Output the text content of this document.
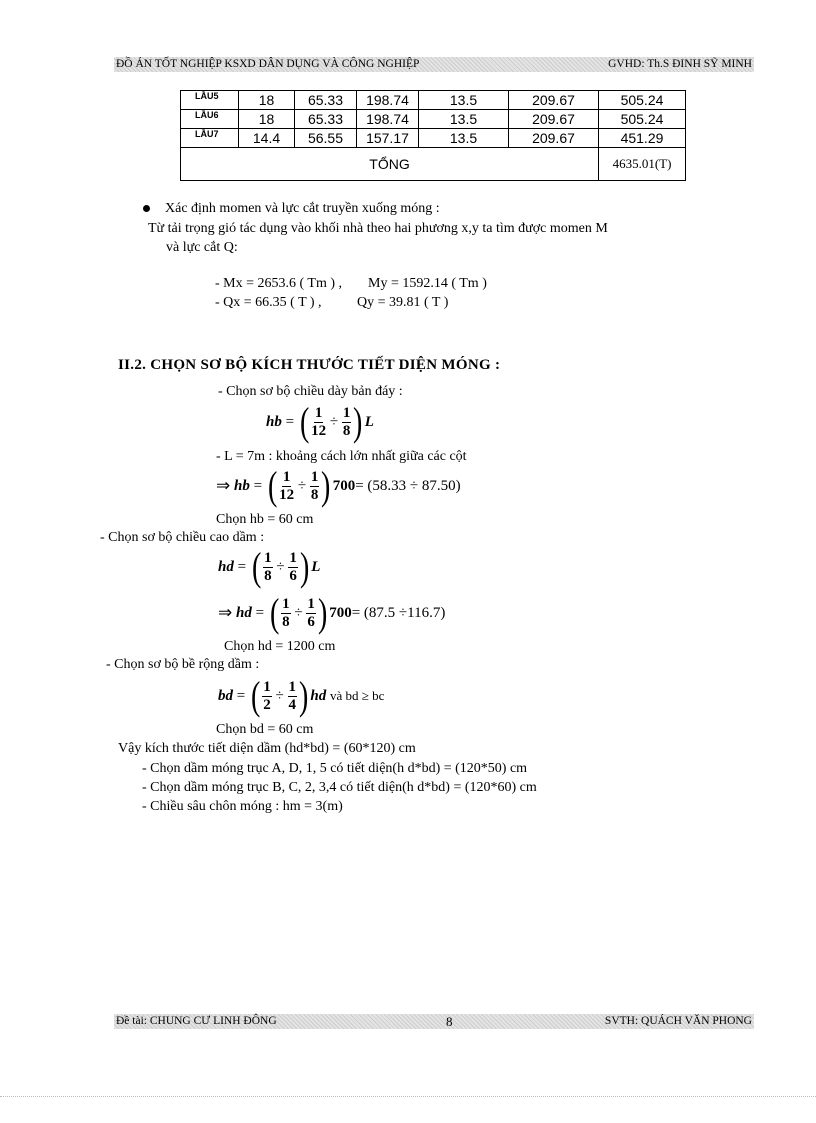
ĐỒ ÁN TỐT NGHIỆP KSXD DÂN DỤNG VÀ CÔNG NGHIỆP	GVHD: Th.S ĐINH SỸ MINH
LẦU5	18	65.33	198.74	13.5	209.67	505.24
LẦU6	18	65.33	198.74	13.5	209.67	505.24
LẦU7	14.4	56.55	157.17	13.5	209.67	451.29
TỔNG						4635.01(T)
Xác định momen và lực cắt truyền xuống móng :
Từ tải trọng gió tác dụng vào khối nhà theo hai phương x,y ta tìm được momen M
và lực cắt Q:
- Mx = 2653.6 ( Tm ) , My = 1592.14 ( Tm )
- Qx = 66.35 ( T ) ,	Qy = 39.81 ( T )
II.2. CHỌN SƠ BỘ KÍCH THƯỚC TIẾT DIỆN MÓNG :
- Chọn sơ bộ chiều dày bản đáy :
hb = ( $\frac{1}{12} \div \frac{1}{8}$ ) L
- L = 7m : khoảng cách lớn nhất giữa các cột
⇒
hb = ( $\frac{1}{12} \div \frac{1}{8}$ ) 700 = (58.33 ÷ 87.50)
Chọn hb = 60 cm
- Chọn sơ bộ chiều cao dầm :
hd = ( $\frac{1}{8} \div \frac{1}{6}$ ) L
⇒
hd = ( $\frac{1}{8} \div \frac{1}{6}$ ) 700 = (87.5 ÷116.7)
Chọn hd = 1200 cm
- Chọn sơ bộ bề rộng dầm :
bd = ( $\frac{1}{2} \div \frac{1}{4}$ ) hd
và bd ≥ bc
Chọn bd = 60 cm
Vậy kích thước tiết diện dầm (hd*bd) = (60*120) cm
- Chọn dầm móng trục A, D, 1, 5 có tiết diện(h d*bd) = (120*50) cm
- Chọn dầm móng trục B, C, 2, 3,4 có tiết diện(h d*bd) = (120*60) cm
- Chiều sâu chôn móng : hm = 3(m)
Đề tài: CHUNG CƯ LINH ĐÔNG	8	SVTH: QUÁCH VĂN PHONG
